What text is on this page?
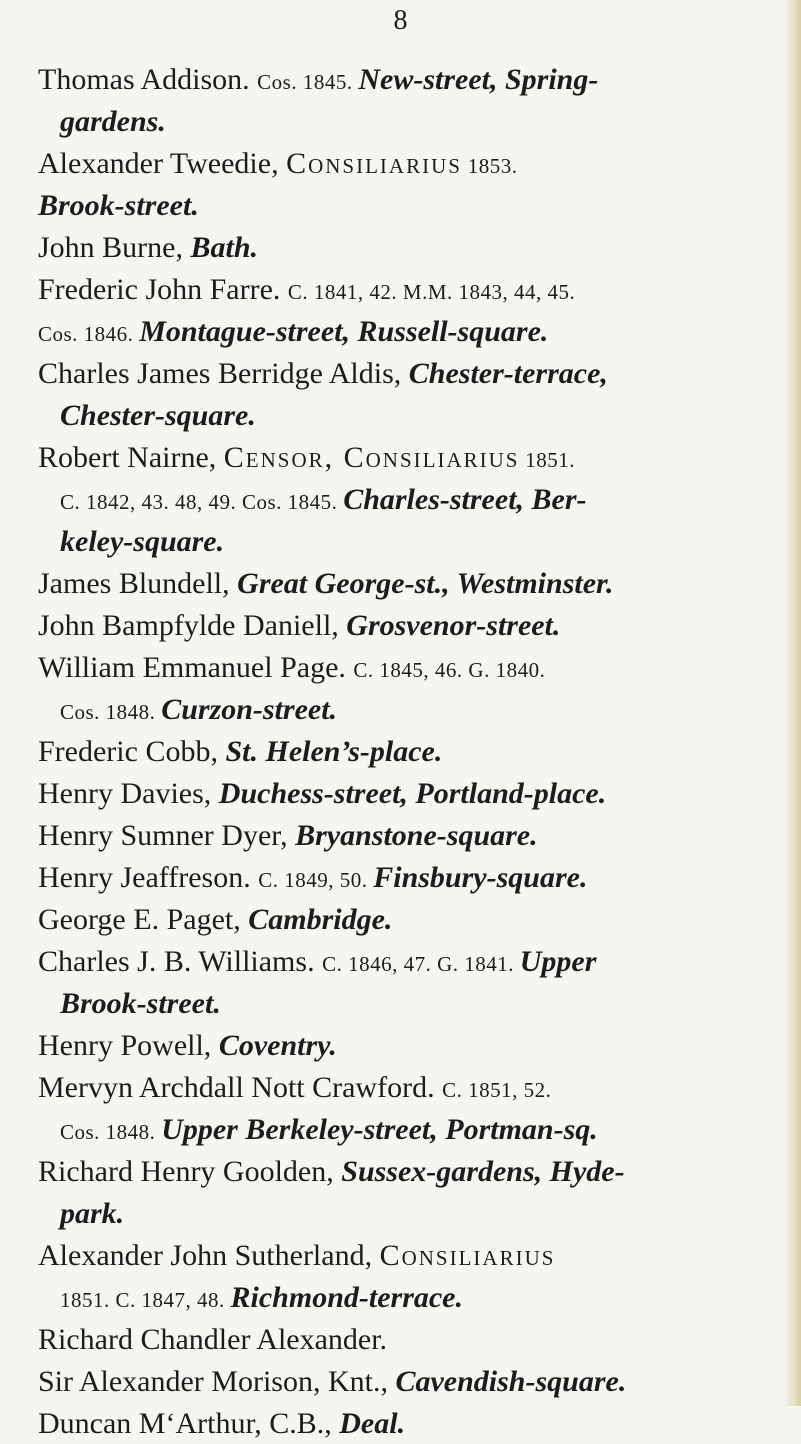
8
Thomas Addison. Cos. 1845. New-street, Spring-
gardens.
Alexander Tweedie, Consiliarius 1853.
Brook-street.
John Burne, Bath.
Frederic John Farre. C. 1841, 42. M.M. 1843, 44, 45.
Cos. 1846. Montague-street, Russell-square.
Charles James Berridge Aldis, Chester-terrace,
Chester-square.
Robert Nairne, Censor, Consiliarius 1851.
C. 1842, 43. 48, 49. Cos. 1845. Charles-street, Ber-
keley-square.
James Blundell, Great George-st., Westminster.
John Bampfylde Daniell, Grosvenor-street.
William Emmanuel Page. C. 1845, 46. G. 1840.
Cos. 1848. Curzon-street.
Frederic Cobb, St. Helen’s-place.
Henry Davies, Duchess-street, Portland-place.
Henry Sumner Dyer, Bryanstone-square.
Henry Jeaffreson. C. 1849, 50. Finsbury-square.
George E. Paget, Cambridge.
Charles J. B. Williams. C. 1846, 47. G. 1841. Upper
Brook-street.
Henry Powell, Coventry.
Mervyn Archdall Nott Crawford. C. 1851, 52.
Cos. 1848. Upper Berkeley-street, Portman-sq.
Richard Henry Goolden, Sussex-gardens, Hyde-
park.
Alexander John Sutherland, Consiliarius
1851. C. 1847, 48. Richmond-terrace.
Richard Chandler Alexander.
Sir Alexander Morison, Knt., Cavendish-square.
Duncan M‘Arthur, C.B., Deal.
